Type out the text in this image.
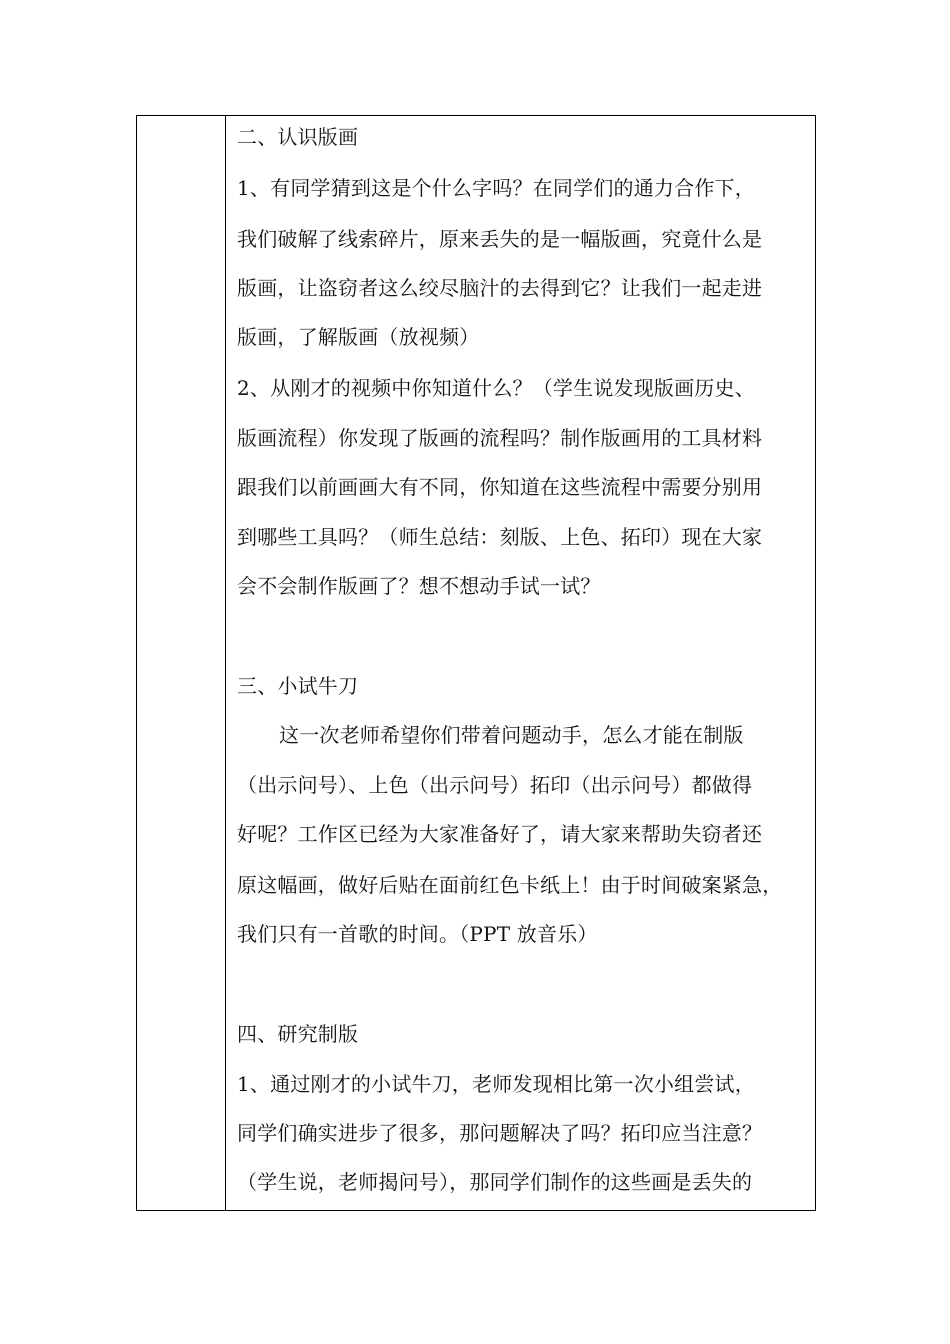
二、认识版画
1、有同学猜到这是个什么字吗？在同学们的通力合作下，
我们破解了线索碎片，原来丢失的是一幅版画，究竟什么是
版画，让盗窃者这么绞尽脑汁的去得到它？让我们一起走进
版画，了解版画（放视频）
2、从刚才的视频中你知道什么？（学生说发现版画历史、
版画流程）你发现了版画的流程吗？制作版画用的工具材料
跟我们以前画画大有不同，你知道在这些流程中需要分别用
到哪些工具吗？（师生总结：刻版、上色、拓印）现在大家
会不会制作版画了？想不想动手试一试？
三、小试牛刀
这一次老师希望你们带着问题动手，怎么才能在制版
（出示问号）、上色（出示问号）拓印（出示问号）都做得
好呢？工作区已经为大家准备好了，请大家来帮助失窃者还
原这幅画，做好后贴在面前红色卡纸上！由于时间破案紧急，
我们只有一首歌的时间。（PPT 放音乐）
四、研究制版
1、通过刚才的小试牛刀，老师发现相比第一次小组尝试，
同学们确实进步了很多，那问题解决了吗？拓印应当注意？
（学生说，老师揭问号），那同学们制作的这些画是丢失的
